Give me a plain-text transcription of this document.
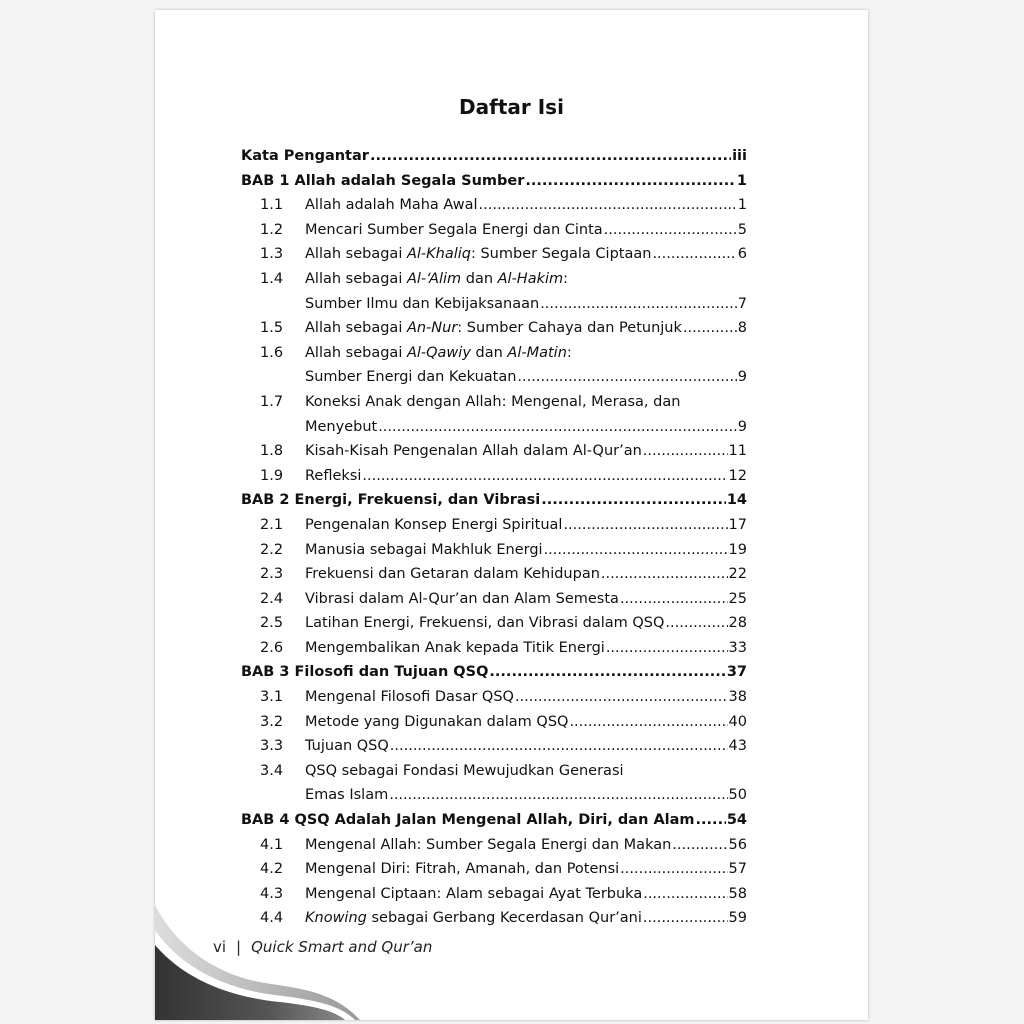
Daftar Isi
Kata Pengantar .....	iii
BAB 1 Allah adalah Segala Sumber .....	1
1.1	Allah adalah Maha Awal .....	1
1.2	Mencari Sumber Segala Energi dan Cinta .....	5
1.3	Allah sebagai Al-Khaliq: Sumber Segala Ciptaan .....	6
1.4	Allah sebagai Al-‘Alim dan Al-Hakim:
Sumber Ilmu dan Kebijaksanaan .....	7
1.5	Allah sebagai An-Nur: Sumber Cahaya dan Petunjuk .....	8
1.6	Allah sebagai Al-Qawiy dan Al-Matin:
Sumber Energi dan Kekuatan .....	9
1.7	Koneksi Anak dengan Allah: Mengenal, Merasa, dan
Menyebut .....	9
1.8	Kisah-Kisah Pengenalan Allah dalam Al-Qur’an .....	11
1.9	Refleksi .....	12
BAB 2 Energi, Frekuensi, dan Vibrasi .....	14
2.1	Pengenalan Konsep Energi Spiritual .....	17
2.2	Manusia sebagai Makhluk Energi .....	19
2.3	Frekuensi dan Getaran dalam Kehidupan .....	22
2.4	Vibrasi dalam Al-Qur’an dan Alam Semesta .....	25
2.5	Latihan Energi, Frekuensi, dan Vibrasi dalam QSQ .....	28
2.6	Mengembalikan Anak kepada Titik Energi .....	33
BAB 3 Filosofi dan Tujuan QSQ .....	37
3.1	Mengenal Filosofi Dasar QSQ .....	38
3.2	Metode yang Digunakan dalam QSQ .....	40
3.3	Tujuan QSQ .....	43
3.4	QSQ sebagai Fondasi Mewujudkan Generasi
Emas Islam .....	50
BAB 4 QSQ Adalah Jalan Mengenal Allah, Diri, dan Alam ..... 54
4.1	Mengenal Allah: Sumber Segala Energi dan Makan .....	56
4.2	Mengenal Diri: Fitrah, Amanah, dan Potensi .....	57
4.3	Mengenal Ciptaan: Alam sebagai Ayat Terbuka .....	58
4.4	Knowing sebagai Gerbang Kecerdasan Qur’ani .....	59
vi | Quick Smart and Qur’an
